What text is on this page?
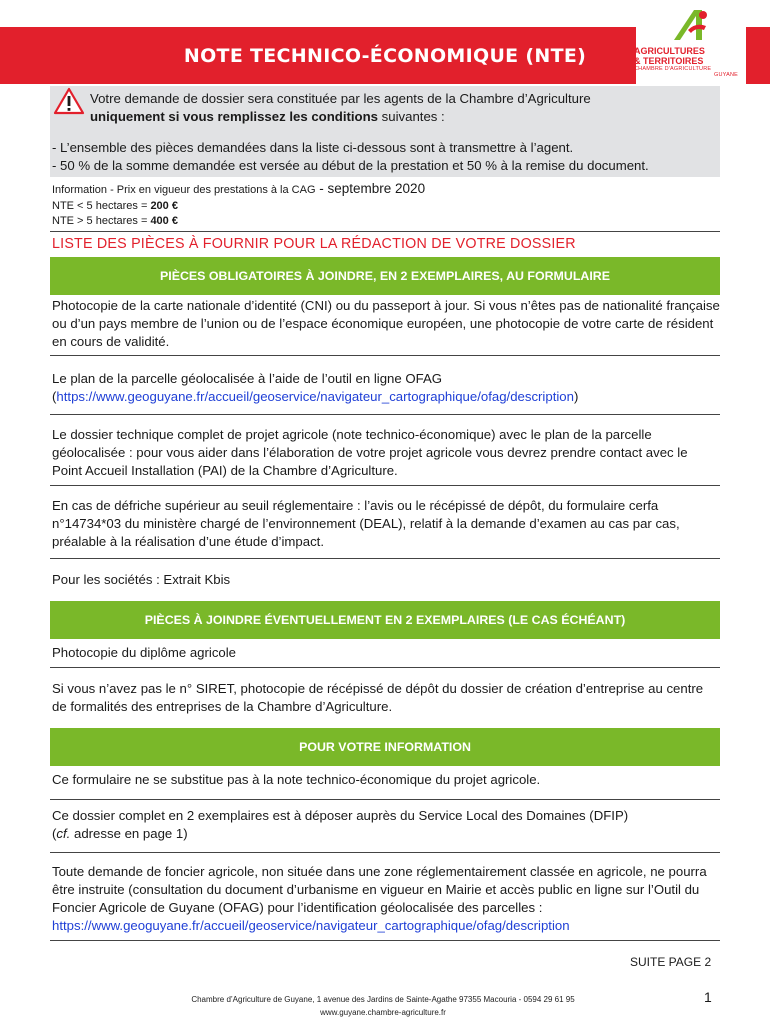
NOTE TECHNICO-ÉCONOMIQUE (NTE)	AGRICULTURES
& TERRITOIRES
CHAMBRE D'AGRICULTURE
GUYANE
Votre demande de dossier sera constituée par les agents de la Chambre d’Agriculture
uniquement si vous remplissez les conditions suivantes :
- L’ensemble des pièces demandées dans la liste ci-dessous sont à transmettre à l’agent.
- 50 % de la somme demandée est versée au début de la prestation et 50 % à la remise du document.
Information - Prix en vigueur des prestations à la CAG - septembre 2020
NTE < 5 hectares = 200 €
NTE > 5 hectares = 400 €
LISTE DES PIÈCES À FOURNIR POUR LA RÉDACTION DE VOTRE DOSSIER
PIÈCES OBLIGATOIRES À JOINDRE, EN 2 EXEMPLAIRES, AU FORMULAIRE
Photocopie de la carte nationale d’identité (CNI) ou du passeport à jour. Si vous n’êtes pas de nationalité française ou d’un pays membre de l’union ou de l’espace économique européen, une photocopie de votre carte de résident en cours de validité.
Le plan de la parcelle géolocalisée à l’aide de l’outil en ligne OFAG
(https://www.geoguyane.fr/accueil/geoservice/navigateur_cartographique/ofag/description)
Le dossier technique complet de projet agricole (note technico-économique) avec le plan de la parcelle géolocalisée : pour vous aider dans l’élaboration de votre projet agricole vous devrez prendre contact avec le Point Accueil Installation (PAI) de la Chambre d’Agriculture.
En cas de défriche supérieur au seuil réglementaire : l’avis ou le récépissé de dépôt, du formulaire cerfa n°14734*03 du ministère chargé de l’environnement (DEAL), relatif à la demande d’examen au cas par cas, préalable à la réalisation d’une étude d’impact.
Pour les sociétés : Extrait Kbis
PIÈCES À JOINDRE ÉVENTUELLEMENT EN 2 EXEMPLAIRES (LE CAS ÉCHÉANT)
Photocopie du diplôme agricole
Si vous n’avez pas le n° SIRET, photocopie de récépissé de dépôt du dossier de création d’entreprise au centre de formalités des entreprises de la Chambre d’Agriculture.
POUR VOTRE INFORMATION
Ce formulaire ne se substitue pas à la note technico-économique du projet agricole.
Ce dossier complet en 2 exemplaires est à déposer auprès du Service Local des Domaines (DFIP)
(cf. adresse en page 1)
Toute demande de foncier agricole, non située dans une zone réglementairement classée en agricole, ne pourra être instruite (consultation du document d’urbanisme en vigueur en Mairie et accès public en ligne sur l’Outil du Foncier Agricole de Guyane (OFAG) pour l’identification géolocalisée des parcelles :
https://www.geoguyane.fr/accueil/geoservice/navigateur_cartographique/ofag/description
SUITE PAGE 2
Chambre d’Agriculture de Guyane, 1 avenue des Jardins de Sainte-Agathe 97355 Macouria - 0594 29 61 95
www.guyane.chambre-agriculture.fr
1
